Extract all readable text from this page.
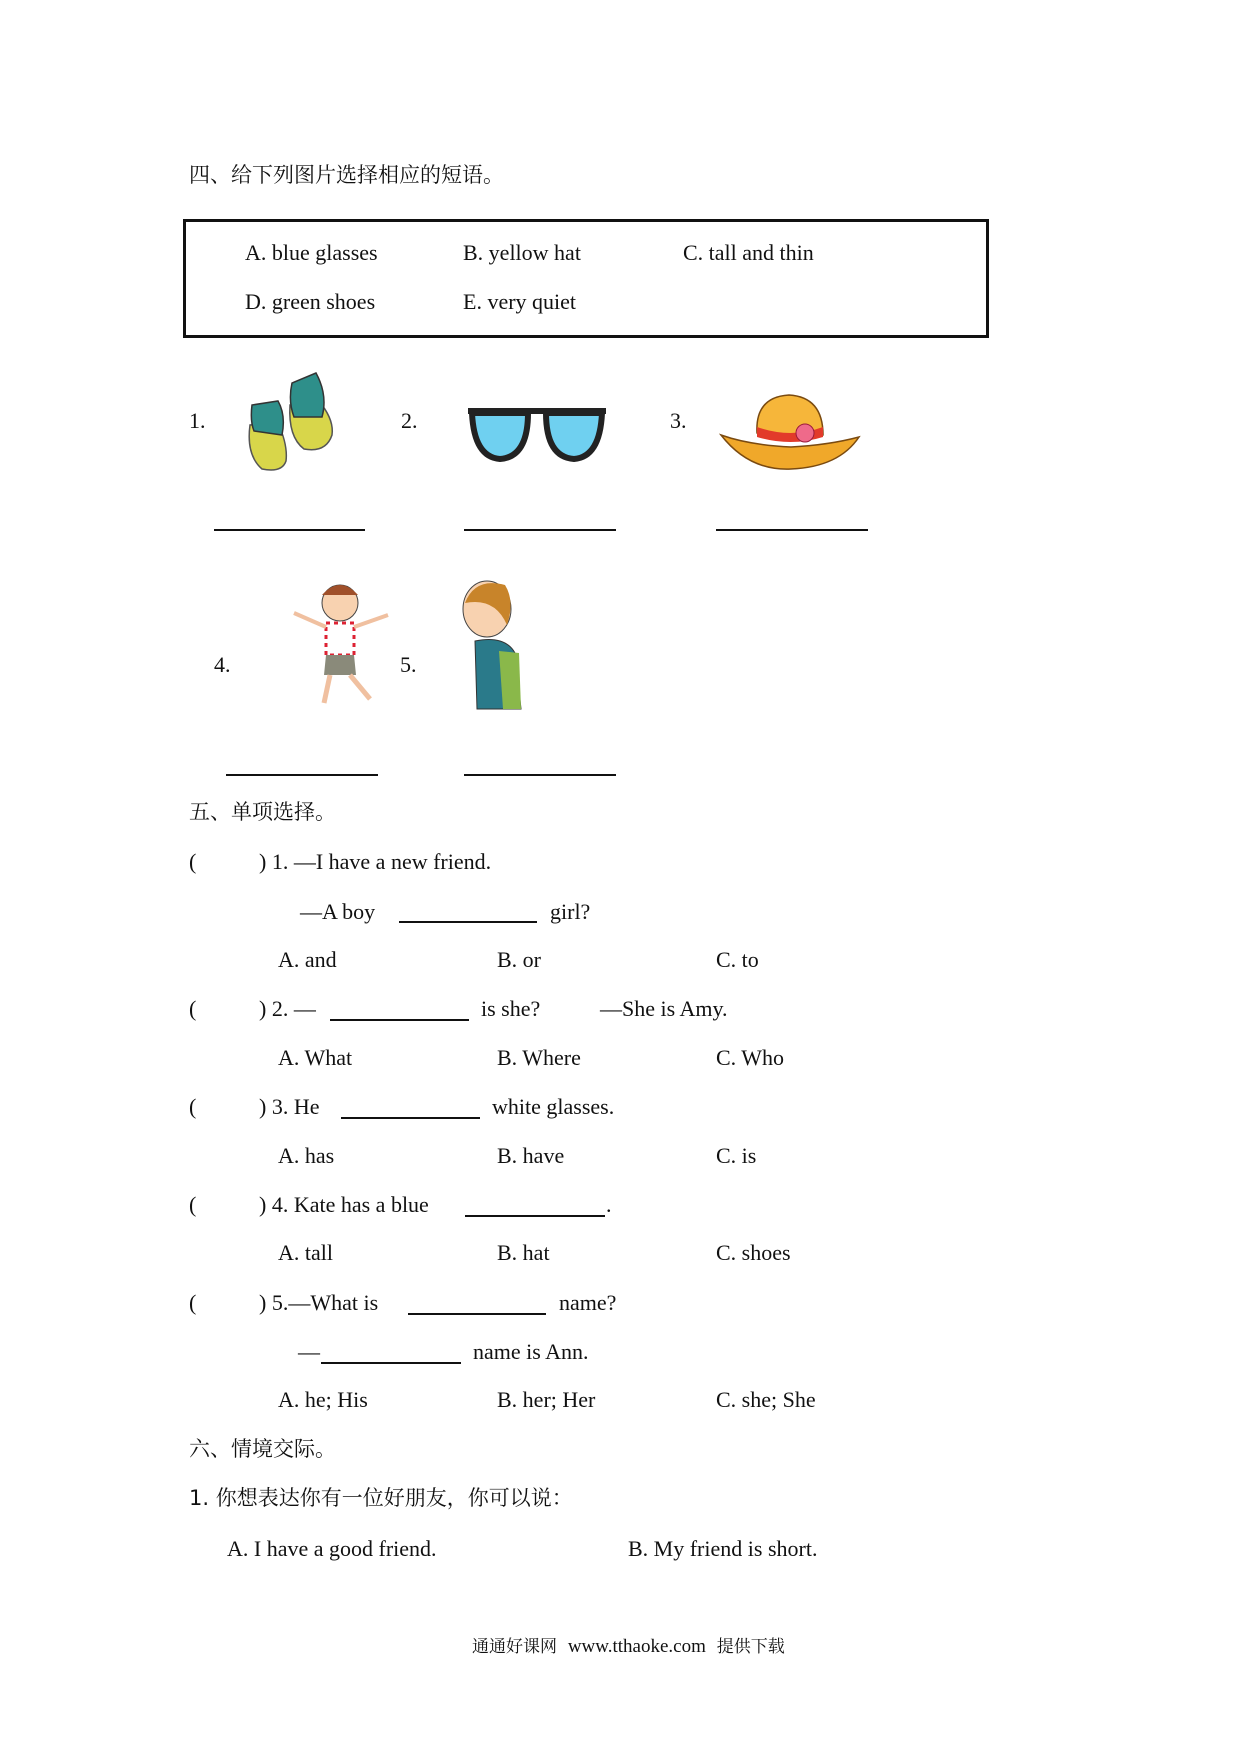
四、给下列图片选择相应的短语。
A. blue glasses	B. yellow hat	C. tall and thin
D. green shoes	E. very quiet
1.	2.	3.
4.	5.
五、单项选择。
(	) 1. —I have a new friend.
—A boy	girl?
A. and	B. or	C. to
(	) 2. —	is she?	—She is Amy.
A. What	B. Where	C. Who
(	) 3. He	white glasses.
A. has	B. have	C. is
(	) 4. Kate has a blue	.
A. tall	B. hat	C. shoes
(	) 5.—What is	name?
—	name is Ann.
A. he; His	B. her; Her	C. she; She
六、情境交际。
1. 你想表达你有一位好朋友，你可以说：
A. I have a good friend.	B. My friend is short.
通通好课网 www.tthaoke.com 提供下载
